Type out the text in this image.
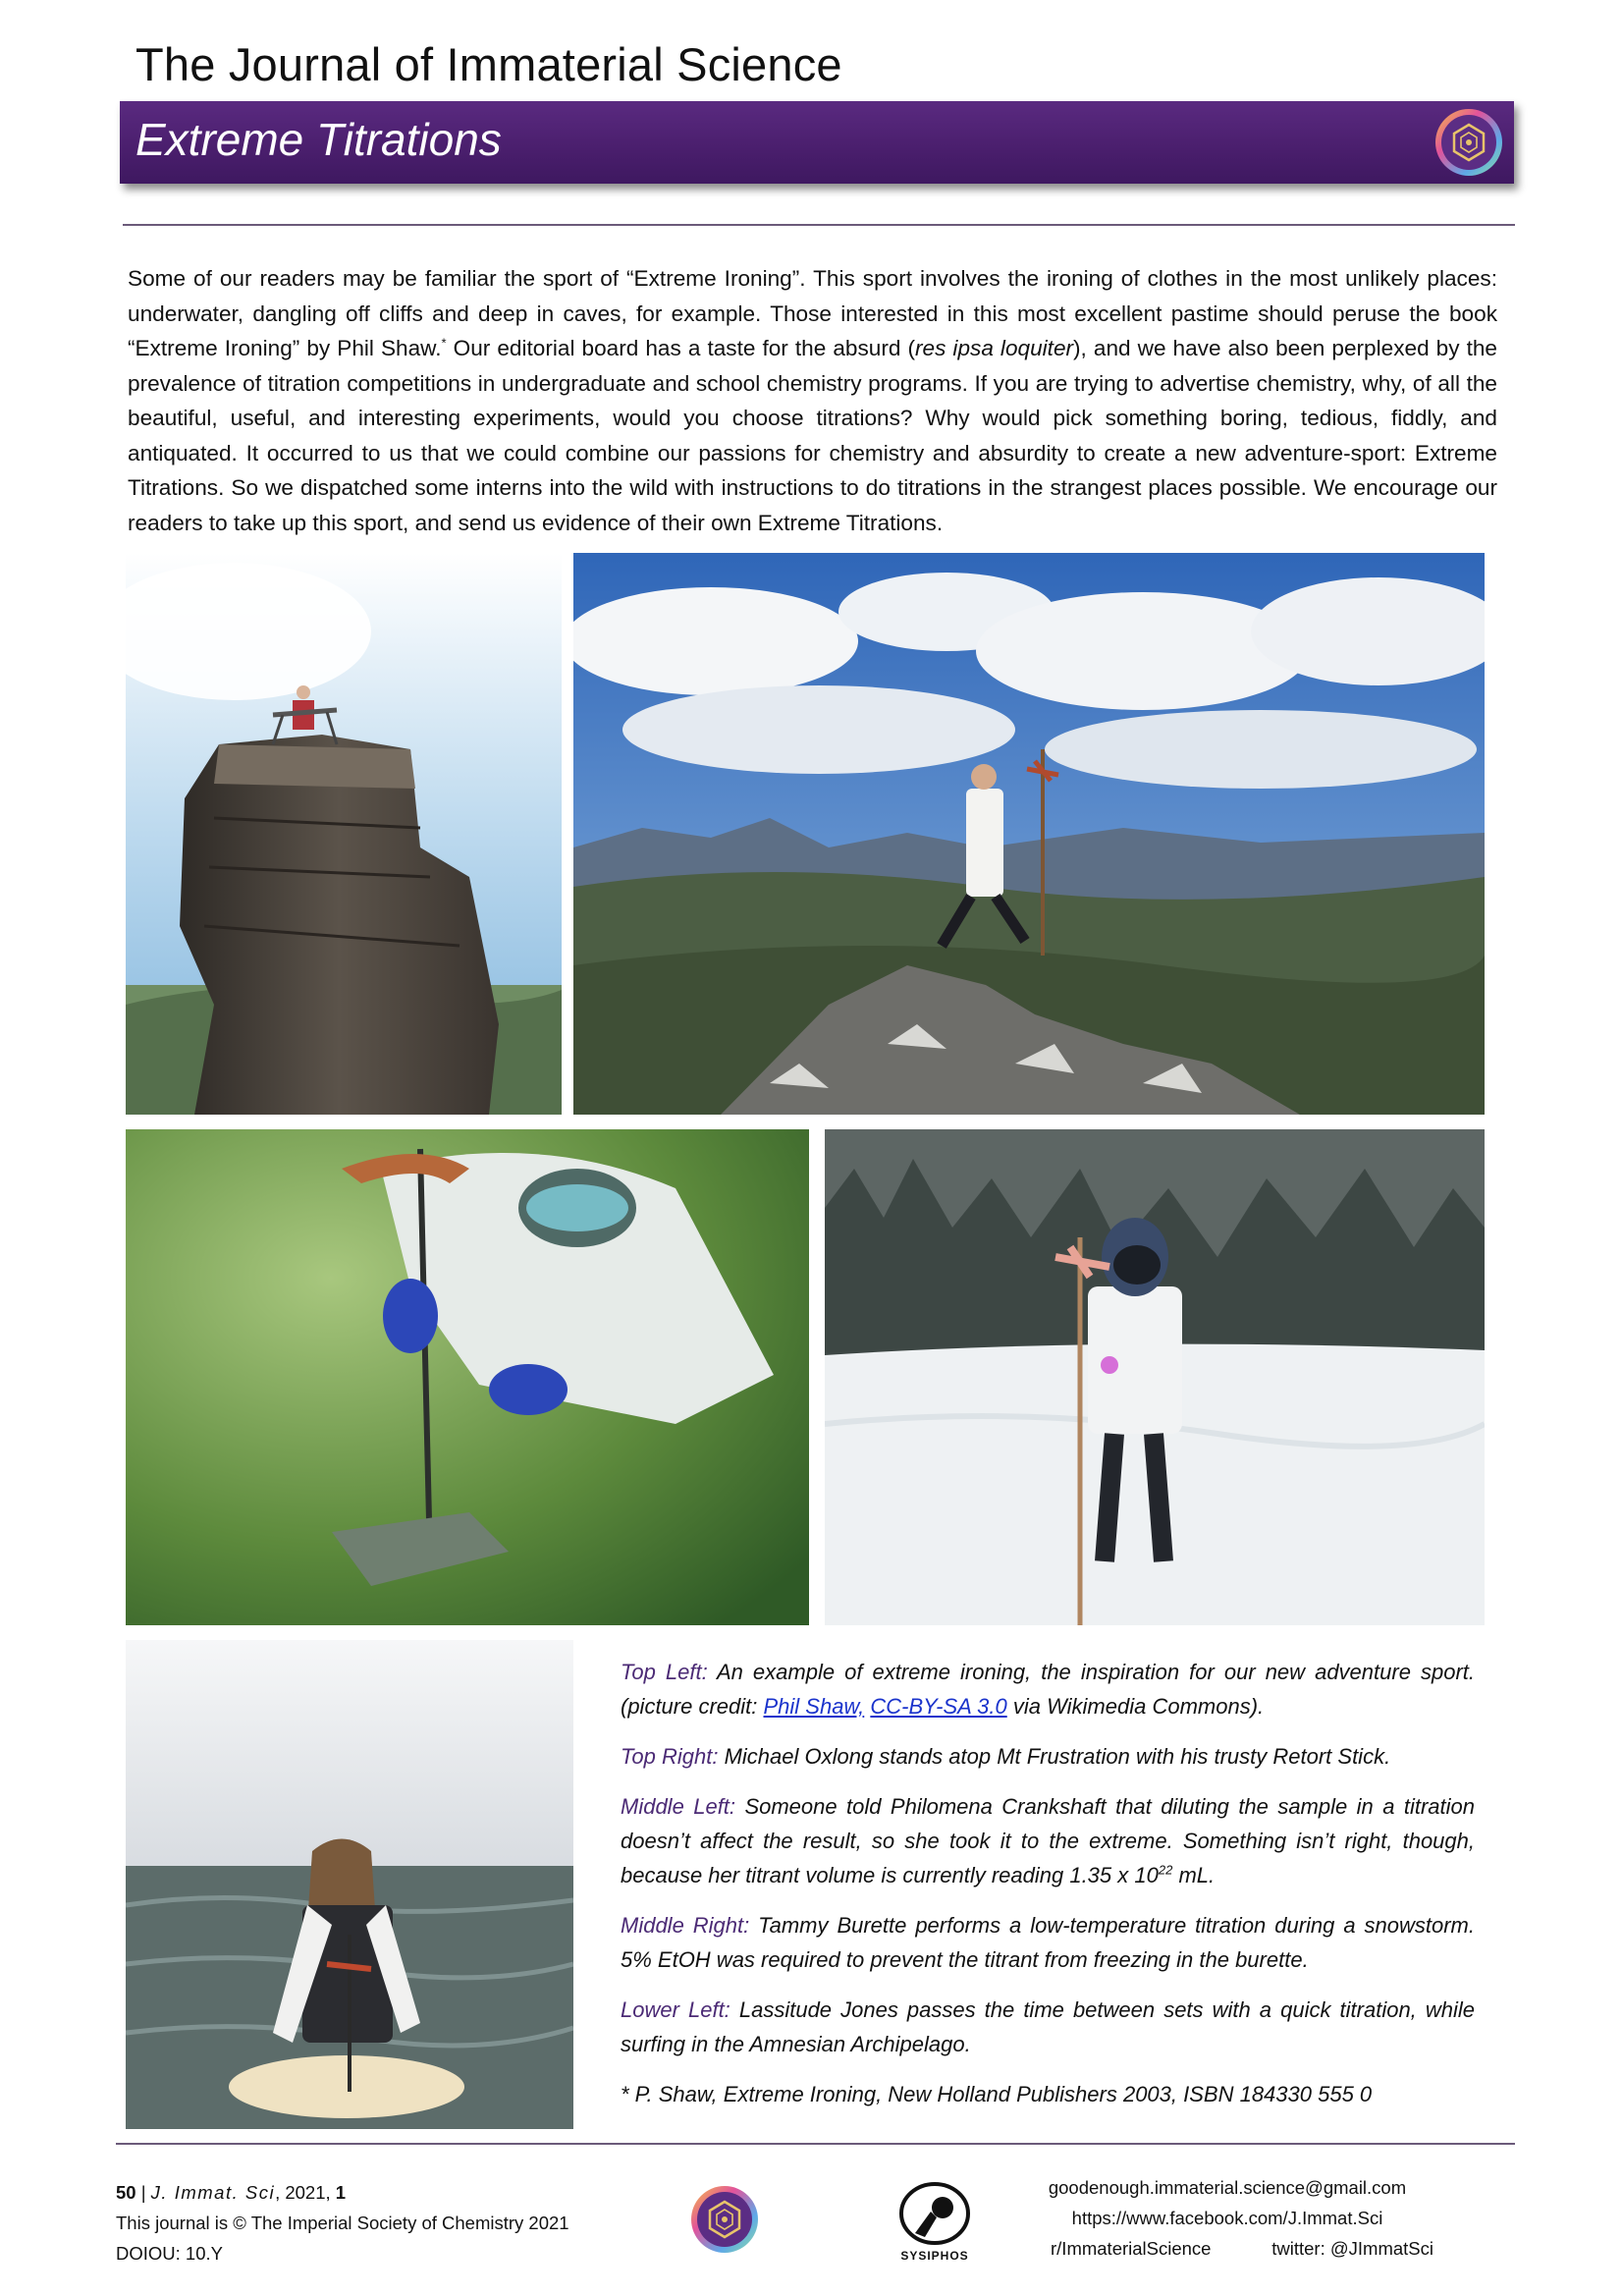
The Journal of Immaterial Science
Extreme Titrations
Some of our readers may be familiar the sport of “Extreme Ironing”. This sport involves the ironing of clothes in the most unlikely places: underwater, dangling off cliffs and deep in caves, for example. Those interested in this most excellent pastime should peruse the book “Extreme Ironing” by Phil Shaw.* Our editorial board has a taste for the absurd (res ipsa loquiter), and we have also been perplexed by the prevalence of titration competitions in undergraduate and school chemistry programs. If you are trying to advertise chemistry, why, of all the beautiful, useful, and interesting experiments, would you choose titrations? Why would pick something boring, tedious, fiddly, and antiquated. It occurred to us that we could combine our passions for chemistry and absurdity to create a new adventure-sport: Extreme Titrations. So we dispatched some interns into the wild with instructions to do titrations in the strangest places possible. We encourage our readers to take up this sport, and send us evidence of their own Extreme Titrations.

Top Left: An example of extreme ironing, the inspiration for our new adventure sport. (picture credit: Phil Shaw, CC-BY-SA 3.0 via Wikimedia Commons).

Top Right: Michael Oxlong stands atop Mt Frustration with his trusty Retort Stick.

Middle Left: Someone told Philomena Crankshaft that diluting the sample in a titration doesn’t affect the result, so she took it to the extreme. Something isn’t right, though, because her titrant volume is currently reading 1.35 x $10^{22}$ mL.

Middle Right: Tammy Burette performs a low-temperature titration during a snowstorm. 5% EtOH was required to prevent the titrant from freezing in the burette.

Lower Left: Lassitude Jones passes the time between sets with a quick titration, while surfing in the Amnesian Archipelago.

* P. Shaw, Extreme Ironing, New Holland Publishers 2003, ISBN 184330 555 0

50 | J. Immat. Sci, 2021, 1
This journal is © The Imperial Society of Chemistry 2021
DOIOU: 10.Y	SYSIPHOS
goodenough.immaterial.science@gmail.com
https://www.facebook.com/J.Immat.Sci
r/ImmaterialScience	twitter: @JImmatSci
